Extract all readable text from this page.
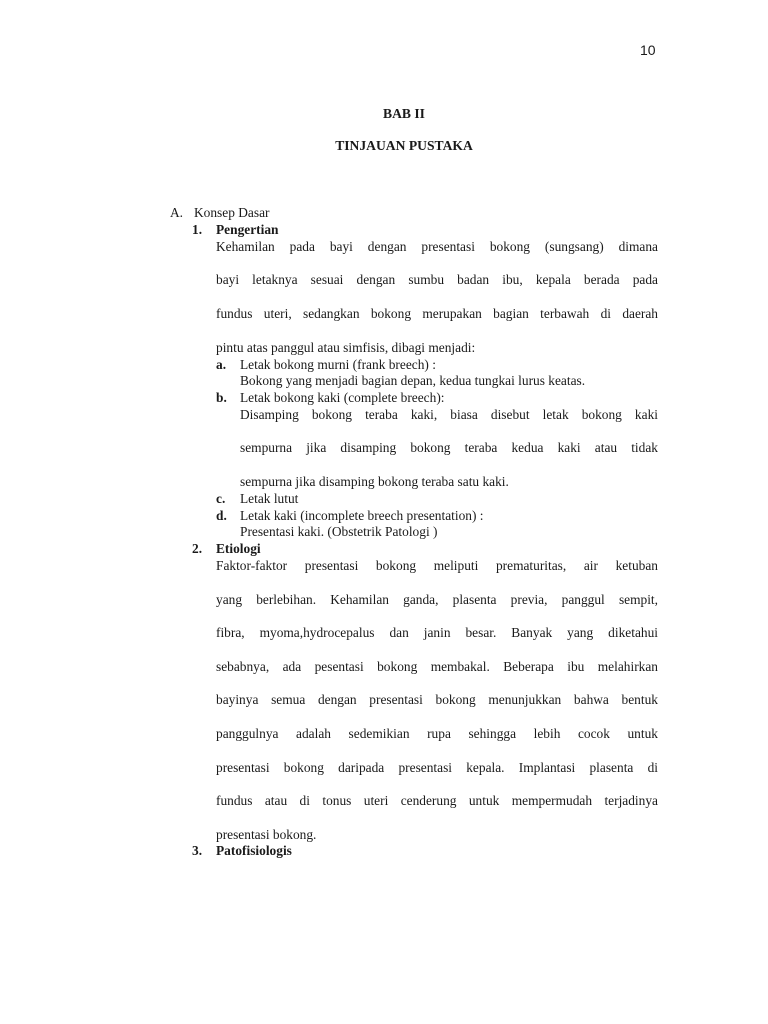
10
BAB II
TINJAUAN PUSTAKA
A. Konsep Dasar
1. Pengertian
Kehamilan pada bayi dengan presentasi bokong (sungsang) dimana
bayi letaknya sesuai dengan sumbu badan ibu, kepala berada pada
fundus uteri, sedangkan bokong merupakan bagian terbawah di daerah
pintu atas panggul atau simfisis, dibagi menjadi:
a. Letak bokong murni (frank breech) :
Bokong yang menjadi bagian depan, kedua tungkai lurus keatas.
b. Letak bokong kaki (complete breech):
Disamping bokong teraba kaki, biasa disebut letak bokong kaki
sempurna jika disamping bokong teraba kedua kaki atau tidak
sempurna jika disamping bokong teraba satu kaki.
c. Letak lutut
d. Letak kaki (incomplete breech presentation) :
Presentasi kaki. (Obstetrik Patologi )
2. Etiologi
Faktor-faktor presentasi bokong meliputi prematuritas, air ketuban
yang berlebihan. Kehamilan ganda, plasenta previa, panggul sempit,
fibra, myoma,hydrocepalus dan janin besar. Banyak yang diketahui
sebabnya, ada pesentasi bokong membakal. Beberapa ibu melahirkan
bayinya semua dengan presentasi bokong menunjukkan bahwa bentuk
panggulnya adalah sedemikian rupa sehingga lebih cocok untuk
presentasi bokong daripada presentasi kepala. Implantasi plasenta di
fundus atau di tonus uteri cenderung untuk mempermudah terjadinya
presentasi bokong.
3. Patofisiologis
